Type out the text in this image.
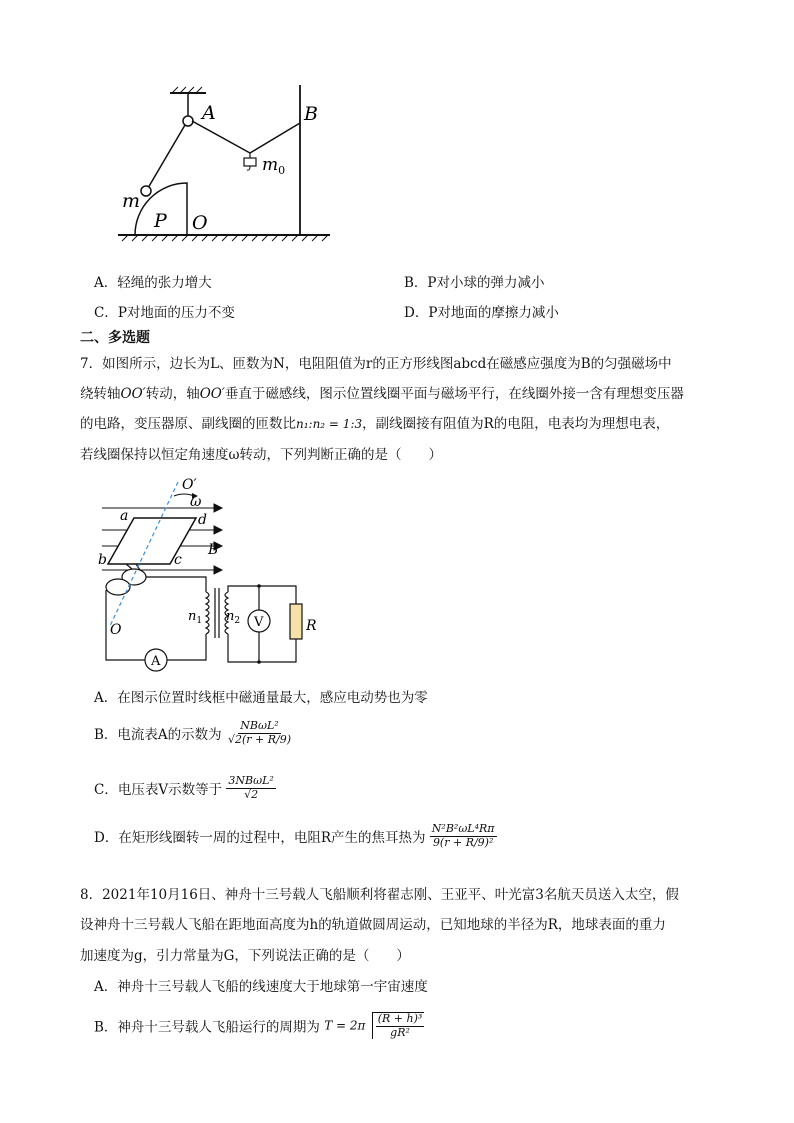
A	B
m
$m_0$
P O
A．轻绳的张力增大	B．P对小球的弹力减小
C．P对地面的压力不变	D．P对地面的摩擦力减小
二、多选题
7．如图所示，边长为L、匝数为N，电阻阻值为r的正方形线图abcd在磁感应强度为B的匀强磁场中
绕转轴OO′转动，轴OO′垂直于磁感线，图示位置线圈平面与磁场平行，在线圈外接一含有理想变压器
的电路，变压器原、副线圈的匝数比n₁:n₂ = 1:3，副线圈接有阻值为R的电阻，电表均为理想电表，
若线圈保持以恒定角速度ω转动，下列判断正确的是（　　）
O′
ω
a	d
B
b	c
O
$n_1$ $n_2$ V	R
A
A．在图示位置时线框中磁通量最大，感应电动势也为零
B．电流表A的示数为 $\frac{\text{NBωL²}}{√2(r + R/9)}$
C．电压表V示数等于 $\frac{\text{3NBωL²}}{√2}$
D．在矩形线圈转一周的过程中，电阻R产生的焦耳热为 $\frac{\text{N²B²ωL⁴Rπ}}{\text{9(r + R/9)²}}$
8．2021年10月16日、神舟十三号载人飞船顺利将翟志刚、王亚平、叶光富3名航天员送入太空，假
设神舟十三号载人飞船在距地面高度为h的轨道做圆周运动，已知地球的半径为R，地球表面的重力
加速度为g，引力常量为G，下列说法正确的是（　　）
A．神舟十三号载人飞船的线速度大于地球第一宇宙速度
B．神舟十三号载人飞船运行的周期为 $T = 2\pi \frac{\text{(R + h)³}}{\text{gR²}}$
